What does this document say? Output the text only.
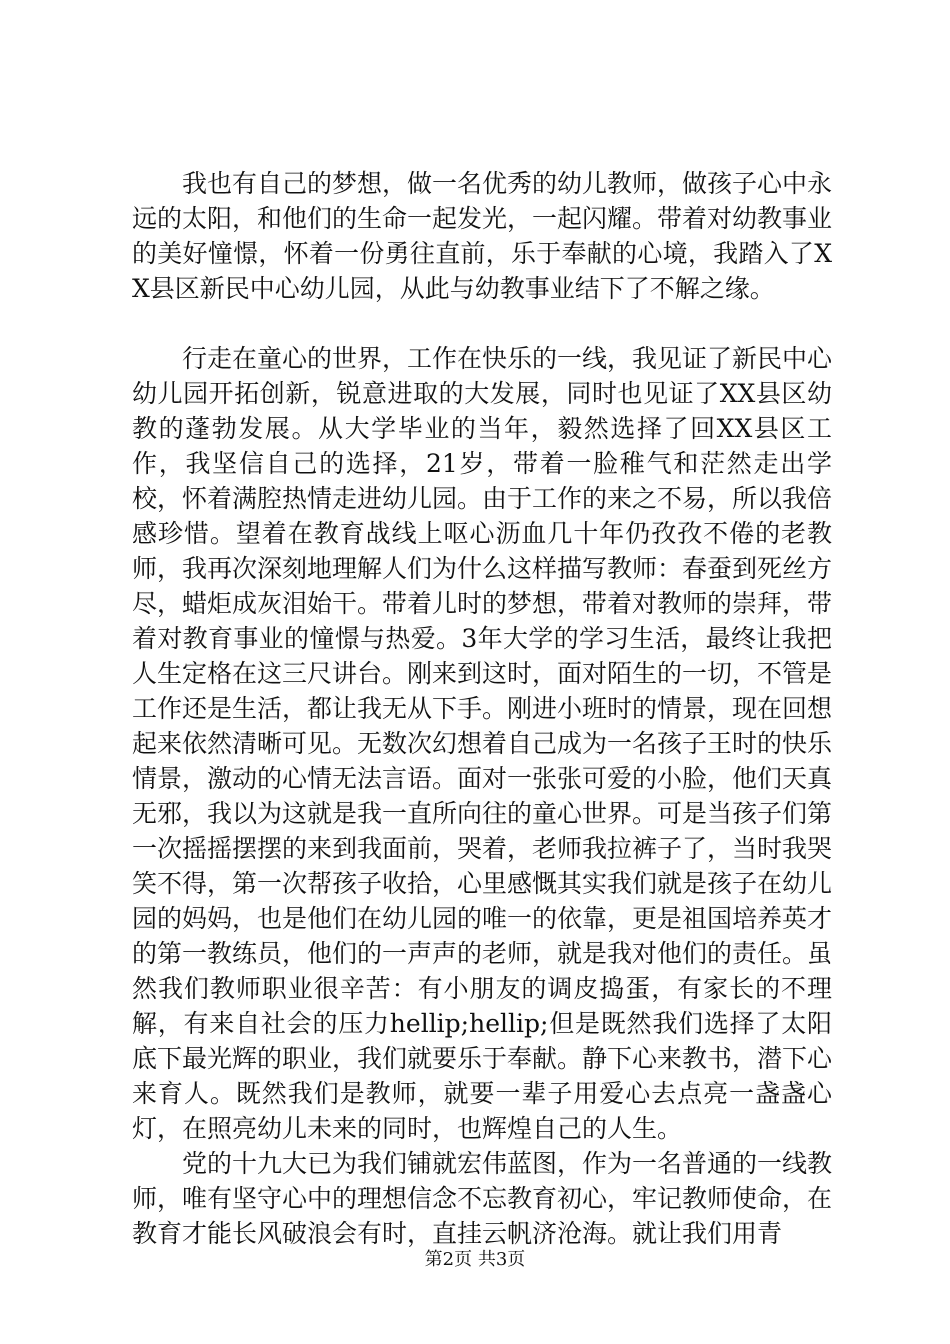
我也有自己的梦想，做一名优秀的幼儿教师，做孩子心中永远的太阳，和他们的生命一起发光，一起闪耀。带着对幼教事业的美好憧憬，怀着一份勇往直前，乐于奉献的心境，我踏入了XX县区新民中心幼儿园，从此与幼教事业结下了不解之缘。

行走在童心的世界，工作在快乐的一线，我见证了新民中心幼儿园开拓创新，锐意进取的大发展，同时也见证了XX县区幼教的蓬勃发展。从大学毕业的当年，毅然选择了回XX县区工作，我坚信自己的选择，21岁，带着一脸稚气和茫然走出学校，怀着满腔热情走进幼儿园。由于工作的来之不易，所以我倍感珍惜。望着在教育战线上呕心沥血几十年仍孜孜不倦的老教师，我再次深刻地理解人们为什么这样描写教师：春蚕到死丝方尽，蜡炬成灰泪始干。带着儿时的梦想，带着对教师的崇拜，带着对教育事业的憧憬与热爱。3年大学的学习生活，最终让我把人生定格在这三尺讲台。刚来到这时，面对陌生的一切，不管是工作还是生活，都让我无从下手。刚进小班时的情景，现在回想起来依然清晰可见。无数次幻想着自己成为一名孩子王时的快乐情景，激动的心情无法言语。面对一张张可爱的小脸，他们天真无邪，我以为这就是我一直所向往的童心世界。可是当孩子们第一次摇摇摆摆的来到我面前，哭着，老师我拉裤子了，当时我哭笑不得，第一次帮孩子收拾，心里感慨其实我们就是孩子在幼儿园的妈妈，也是他们在幼儿园的唯一的依靠，更是祖国培养英才的第一教练员，他们的一声声的老师，就是我对他们的责任。虽然我们教师职业很辛苦：有小朋友的调皮捣蛋，有家长的不理解，有来自社会的压力hellip;hellip;但是既然我们选择了太阳底下最光辉的职业，我们就要乐于奉献。静下心来教书，潜下心来育人。既然我们是教师，就要一辈子用爱心去点亮一盏盏心灯，在照亮幼儿未来的同时，也辉煌自己的人生。

党的十九大已为我们铺就宏伟蓝图，作为一名普通的一线教师，唯有坚守心中的理想信念不忘教育初心，牢记教师使命，在教育才能长风破浪会有时，直挂云帆济沧海。就让我们用青

第2页 共3页
